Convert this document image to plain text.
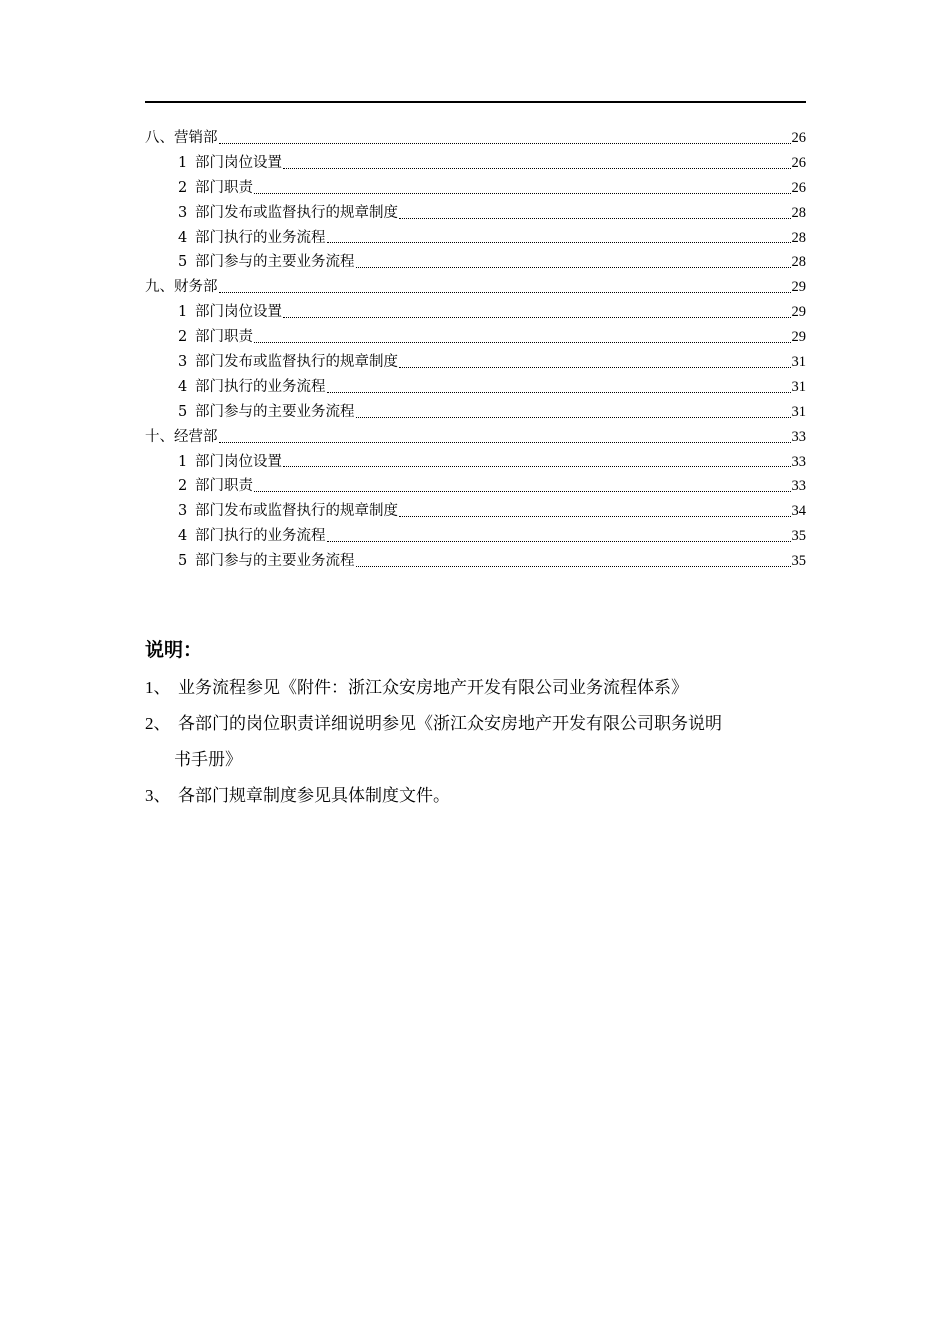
八、营销部	26
1 部门岗位设置	26
2 部门职责	26
3 部门发布或监督执行的规章制度	28
4 部门执行的业务流程	28
5 部门参与的主要业务流程	28
九、财务部	29
1 部门岗位设置	29
2 部门职责	29
3 部门发布或监督执行的规章制度	31
4 部门执行的业务流程	31
5 部门参与的主要业务流程	31
十、经营部	33
1 部门岗位设置	33
2 部门职责	33
3 部门发布或监督执行的规章制度	34
4 部门执行的业务流程	35
5 部门参与的主要业务流程	35
说明：
1、 业务流程参见《附件：浙江众安房地产开发有限公司业务流程体系》
2、 各部门的岗位职责详细说明参见《浙江众安房地产开发有限公司职务说明
书手册》
3、 各部门规章制度参见具体制度文件。
